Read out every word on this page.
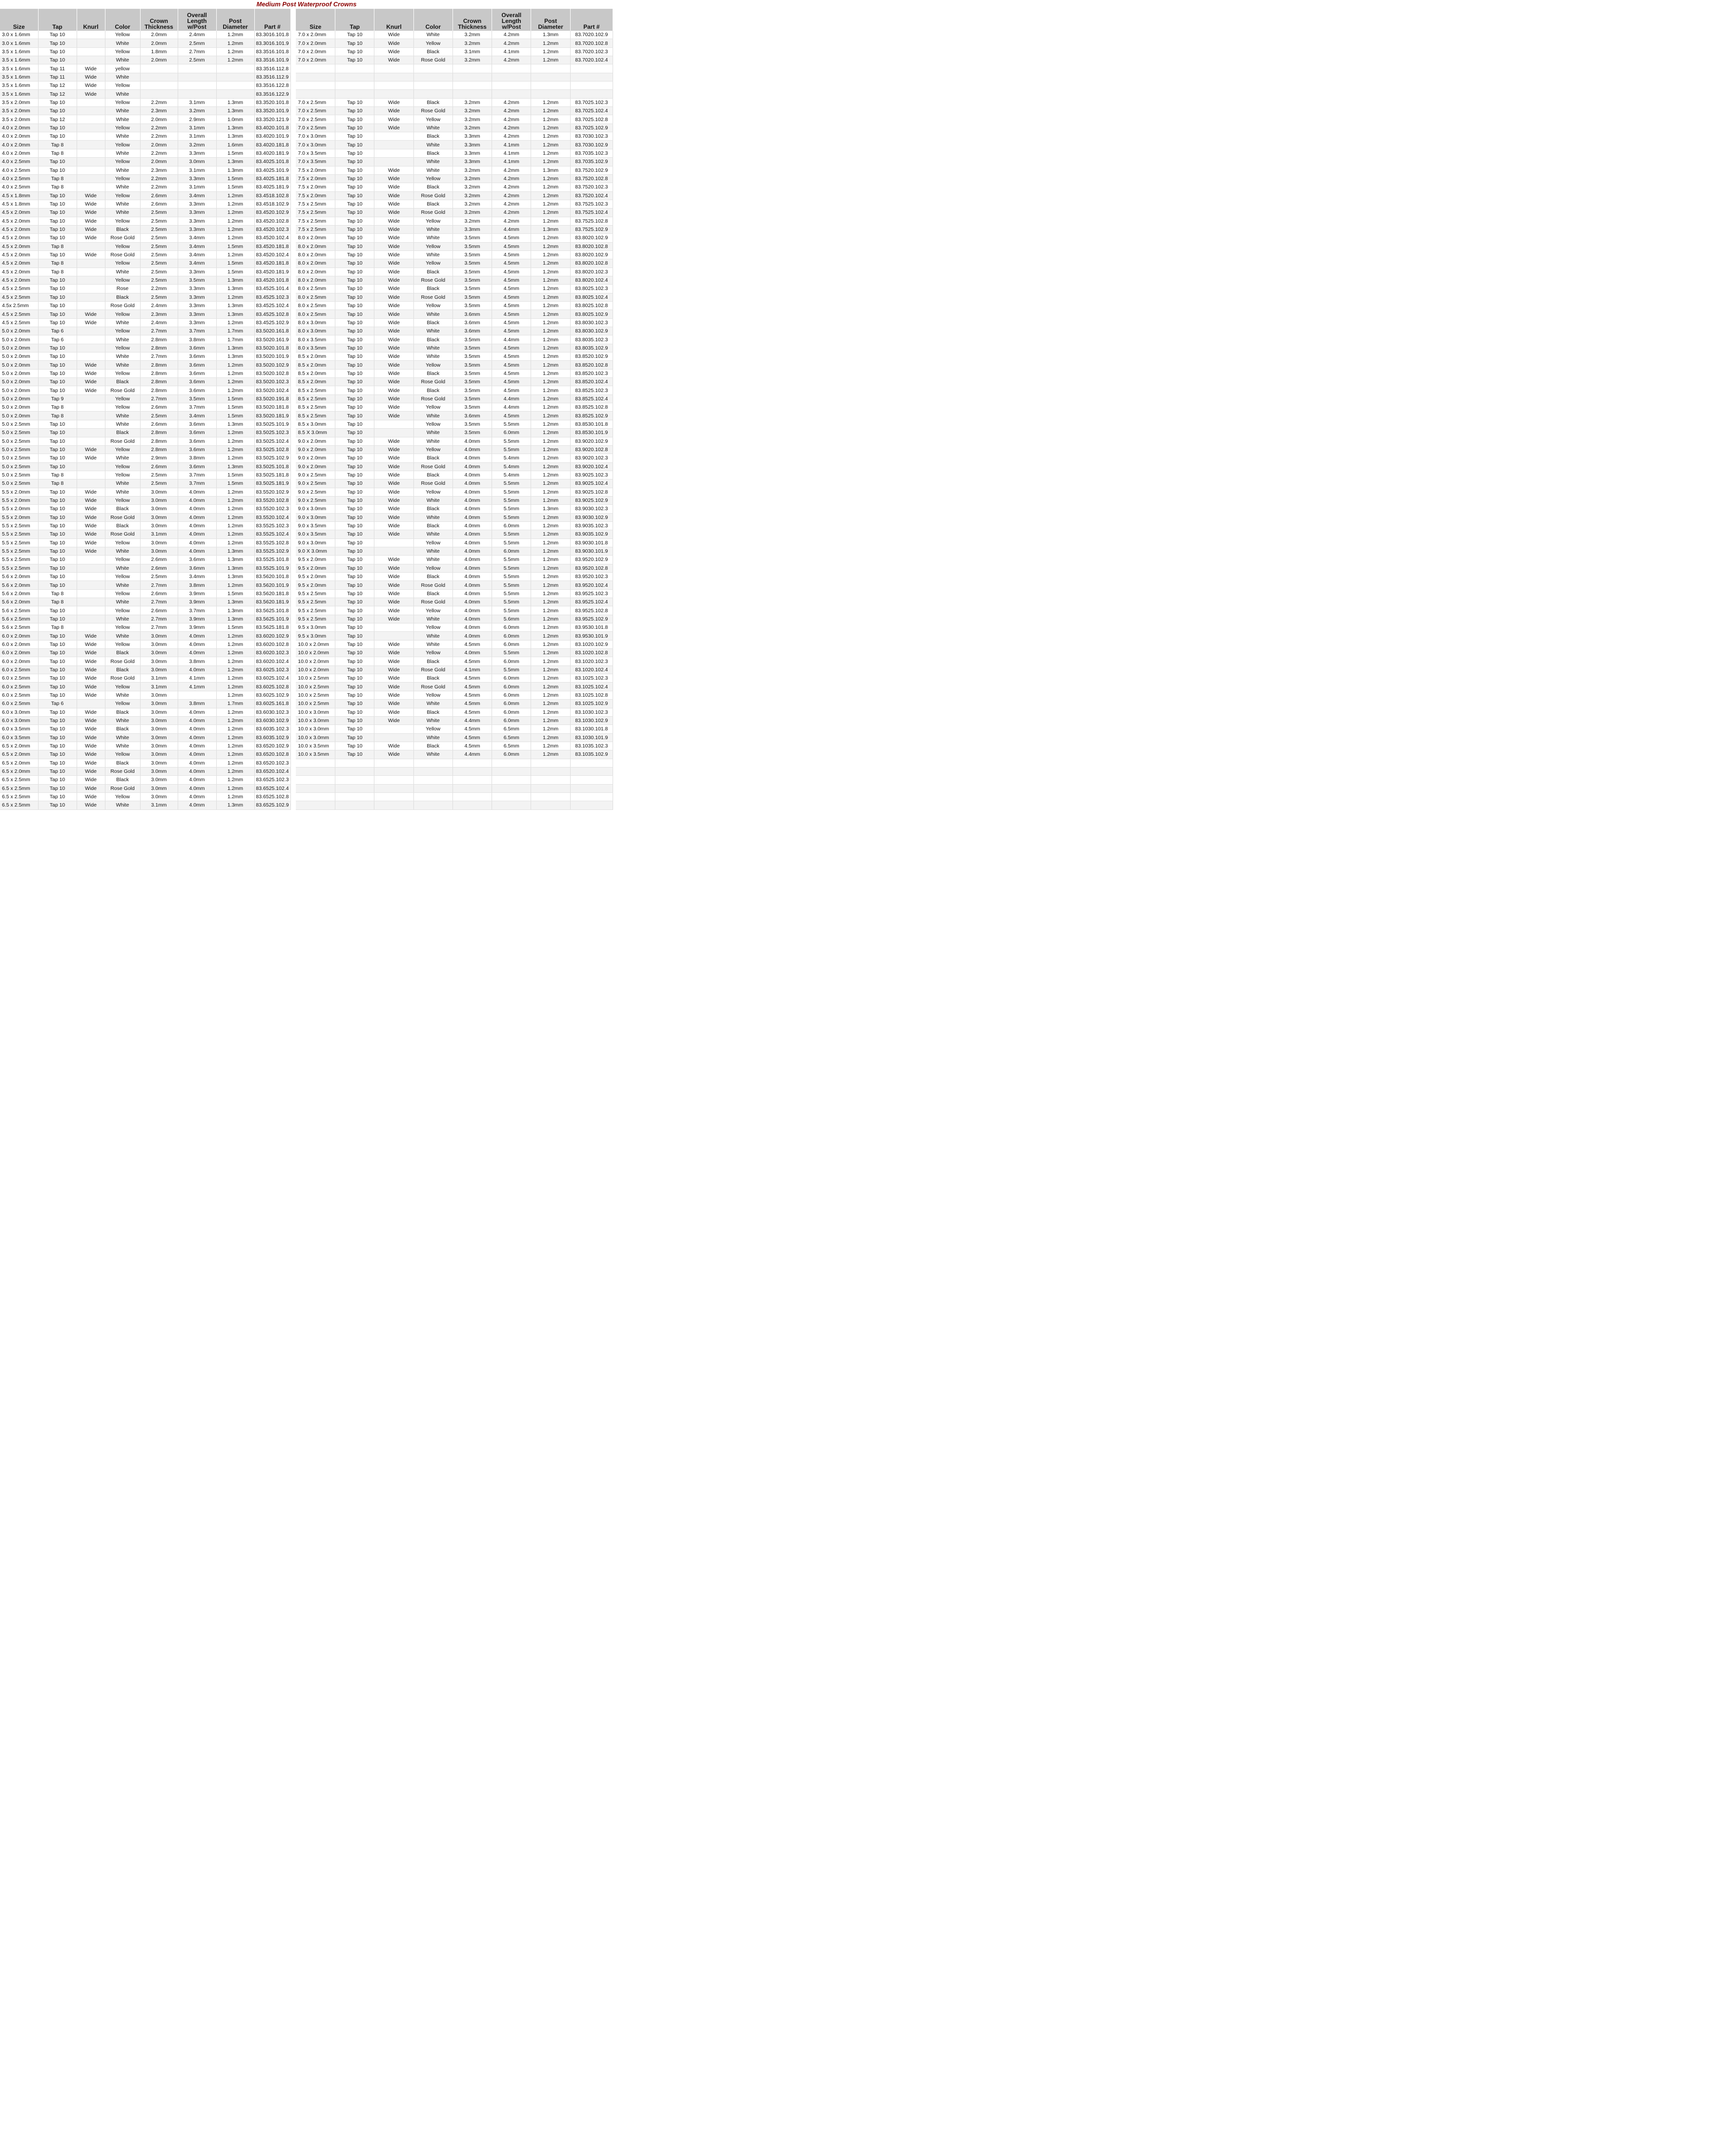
Medium Post Waterproof Crowns
Size	Tap	Knurl	Color	Crown Thickness	Overall Length w/Post	Post Diameter	Part #
3.0 x 1.6mm	Tap 10		Yellow	2.0mm	2.4mm	1.2mm	83.3016.101.8
3.0 x 1.6mm	Tap 10		White	2.0mm	2.5mm	1.2mm	83.3016.101.9
3.5 x 1.6mm	Tap 10		Yellow	1.8mm	2.7mm	1.2mm	83.3516.101.8
3.5 x 1.6mm	Tap 10		White	2.0mm	2.5mm	1.2mm	83.3516.101.9
3.5 x 1.6mm	Tap 11	Wide	yellow				83.3516.112.8
3.5 x 1.6mm	Tap 11	Wide	White				83.3516.112.9
3.5 x 1.6mm	Tap 12	Wide	Yellow				83.3516.122.8
3.5 x 1.6mm	Tap 12	Wide	White				83.3516.122.9
3.5 x 2.0mm	Tap 10		Yellow	2.2mm	3.1mm	1.3mm	83.3520.101.8
3.5 x 2.0mm	Tap 10		White	2.3mm	3.2mm	1.3mm	83.3520.101.9
3.5 x 2.0mm	Tap 12		White	2.0mm	2.9mm	1.0mm	83.3520.121.9
4.0 x 2.0mm	Tap 10		Yellow	2.2mm	3.1mm	1.3mm	83.4020.101.8
4.0 x 2.0mm	Tap 10		White	2.2mm	3.1mm	1.3mm	83.4020.101.9
4.0 x 2.0mm	Tap 8		Yellow	2.0mm	3.2mm	1.6mm	83.4020.181.8
4.0 x 2.0mm	Tap 8		White	2.2mm	3.3mm	1.5mm	83.4020.181.9
4.0 x 2.5mm	Tap 10		Yellow	2.0mm	3.0mm	1.3mm	83.4025.101.8
4.0 x 2.5mm	Tap 10		White	2.3mm	3.1mm	1.3mm	83.4025.101.9
4.0 x 2.5mm	Tap 8		Yellow	2.2mm	3.3mm	1.5mm	83.4025.181.8
4.0 x 2.5mm	Tap 8		White	2.2mm	3.1mm	1.5mm	83.4025.181.9
4.5 x 1.8mm	Tap 10	Wide	Yellow	2.6mm	3.4mm	1.2mm	83.4518.102.8
4.5 x 1.8mm	Tap 10	Wide	White	2.6mm	3.3mm	1.2mm	83.4518.102.9
4.5 x 2.0mm	Tap 10	Wide	White	2.5mm	3.3mm	1.2mm	83.4520.102.9
4.5 x 2.0mm	Tap 10	Wide	Yellow	2.5mm	3.3mm	1.2mm	83.4520.102.8
4.5 x 2.0mm	Tap 10	Wide	Black	2.5mm	3.3mm	1.2mm	83.4520.102.3
4.5 x 2.0mm	Tap 10	Wide	Rose Gold	2.5mm	3.4mm	1.2mm	83.4520.102.4
4.5 x 2.0mm	Tap 8		Yellow	2.5mm	3.4mm	1.5mm	83.4520.181.8
4.5 x 2.0mm	Tap 10	Wide	Rose Gold	2.5mm	3.4mm	1.2mm	83.4520.102.4
4.5 x 2.0mm	Tap 8		Yellow	2.5mm	3.4mm	1.5mm	83.4520.181.8
4.5 x 2.0mm	Tap 8		White	2.5mm	3.3mm	1.5mm	83.4520.181.9
4.5 x 2.0mm	Tap 10		Yellow	2.5mm	3.5mm	1.3mm	83.4520.101.8
4.5 x 2.5mm	Tap 10		Rose	2.2mm	3.3mm	1.3mm	83.4525.101.4
4.5 x 2.5mm	Tap 10		Black	2.5mm	3.3mm	1.2mm	83.4525.102.3
4.5x 2.5mm	Tap 10		Rose Gold	2.4mm	3.3mm	1.3mm	83.4525.102.4
4.5 x 2.5mm	Tap 10	Wide	Yellow	2.3mm	3.3mm	1.3mm	83.4525.102.8
4.5 x 2.5mm	Tap 10	Wide	White	2.4mm	3.3mm	1.2mm	83.4525.102.9
5.0 x 2.0mm	Tap 6		Yellow	2.7mm	3.7mm	1.7mm	83.5020.161.8
5.0 x 2.0mm	Tap 6		White	2.8mm	3.8mm	1.7mm	83.5020.161.9
5.0 x 2.0mm	Tap 10		Yellow	2.8mm	3.6mm	1.3mm	83.5020.101.8
5.0 x 2.0mm	Tap 10		White	2.7mm	3.6mm	1.3mm	83.5020.101.9
5.0 x 2.0mm	Tap 10	Wide	White	2.8mm	3.6mm	1.2mm	83.5020.102.9
5.0 x 2.0mm	Tap 10	Wide	Yellow	2.8mm	3.6mm	1.2mm	83.5020.102.8
5.0 x 2.0mm	Tap 10	Wide	Black	2.8mm	3.6mm	1.2mm	83.5020.102.3
5.0 x 2.0mm	Tap 10	Wide	Rose Gold	2.8mm	3.6mm	1.2mm	83.5020.102.4
5.0 x 2.0mm	Tap 9		Yellow	2.7mm	3.5mm	1.5mm	83.5020.191.8
5.0 x 2.0mm	Tap 8		Yellow	2.6mm	3.7mm	1.5mm	83.5020.181.8
5.0 x 2.0mm	Tap 8		White	2.5mm	3.4mm	1.5mm	83.5020.181.9
5.0 x 2.5mm	Tap 10		White	2.6mm	3.6mm	1.3mm	83.5025.101.9
5.0 x 2.5mm	Tap 10		Black	2.8mm	3.6mm	1.2mm	83.5025.102.3
5.0 x 2.5mm	Tap 10		Rose Gold	2.8mm	3.6mm	1.2mm	83.5025.102.4
5.0 x 2.5mm	Tap 10	Wide	Yellow	2.8mm	3.6mm	1.2mm	83.5025.102.8
5.0 x 2.5mm	Tap 10	Wide	White	2.9mm	3.8mm	1.2mm	83.5025.102.9
5.0 x 2.5mm	Tap 10		Yellow	2.6mm	3.6mm	1.3mm	83.5025.101.8
5.0 x 2.5mm	Tap 8		Yellow	2.5mm	3.7mm	1.5mm	83.5025.181.8
5.0 x 2.5mm	Tap 8		White	2.5mm	3.7mm	1.5mm	83.5025.181.9
5.5 x 2.0mm	Tap 10	Wide	White	3.0mm	4.0mm	1.2mm	83.5520.102.9
5.5 x 2.0mm	Tap 10	Wide	Yellow	3.0mm	4.0mm	1.2mm	83.5520.102.8
5.5 x 2.0mm	Tap 10	Wide	Black	3.0mm	4.0mm	1.2mm	83.5520.102.3
5.5 x 2.0mm	Tap 10	Wide	Rose Gold	3.0mm	4.0mm	1.2mm	83.5520.102.4
5.5 x 2.5mm	Tap 10	Wide	Black	3.0mm	4.0mm	1.2mm	83.5525.102.3
5.5 x 2.5mm	Tap 10	Wide	Rose Gold	3.1mm	4.0mm	1.2mm	83.5525.102.4
5.5 x 2.5mm	Tap 10	Wide	Yellow	3.0mm	4.0mm	1.2mm	83.5525.102.8
5.5 x 2.5mm	Tap 10	Wide	White	3.0mm	4.0mm	1.3mm	83.5525.102.9
5.5 x 2.5mm	Tap 10		Yellow	2.6mm	3.6mm	1.3mm	83.5525.101.8
5.5 x 2.5mm	Tap 10		White	2.6mm	3.6mm	1.3mm	83.5525.101.9
5.6 x 2.0mm	Tap 10		Yellow	2.5mm	3.4mm	1.3mm	83.5620.101.8
5.6 x 2.0mm	Tap 10		White	2.7mm	3.8mm	1.2mm	83.5620.101.9
5.6 x 2.0mm	Tap 8		Yellow	2.6mm	3.9mm	1.5mm	83.5620.181.8
5.6 x 2.0mm	Tap 8		White	2.7mm	3.9mm	1.3mm	83.5620.181.9
5.6 x 2.5mm	Tap 10		Yellow	2.6mm	3.7mm	1.3mm	83.5625.101.8
5.6 x 2.5mm	Tap 10		White	2.7mm	3.9mm	1.3mm	83.5625.101.9
5.6 x 2.5mm	Tap 8		Yellow	2.7mm	3.9mm	1.5mm	83.5625.181.8
6.0 x 2.0mm	Tap 10	Wide	White	3.0mm	4.0mm	1.2mm	83.6020.102.9
6.0 x 2.0mm	Tap 10	Wide	Yellow	3.0mm	4.0mm	1.2mm	83.6020.102.8
6.0 x 2.0mm	Tap 10	Wide	Black	3.0mm	4.0mm	1.2mm	83.6020.102.3
6.0 x 2.0mm	Tap 10	Wide	Rose Gold	3.0mm	3.8mm	1.2mm	83.6020.102.4
6.0 x 2.5mm	Tap 10	Wide	Black	3.0mm	4.0mm	1.2mm	83.6025.102.3
6.0 x 2.5mm	Tap 10	Wide	Rose Gold	3.1mm	4.1mm	1.2mm	83.6025.102.4
6.0 x 2.5mm	Tap 10	Wide	Yellow	3.1mm	4.1mm	1.2mm	83.6025.102.8
6.0 x 2.5mm	Tap 10	Wide	White	3.0mm		1.2mm	83.6025.102.9
6.0 x 2.5mm	Tap 6		Yellow	3.0mm	3.8mm	1.7mm	83.6025.161.8
6.0 x 3.0mm	Tap 10	Wide	Black	3.0mm	4.0mm	1.2mm	83.6030.102.3
6.0 x 3.0mm	Tap 10	Wide	White	3.0mm	4.0mm	1.2mm	83.6030.102.9
6.0 x 3.5mm	Tap 10	Wide	Black	3.0mm	4.0mm	1.2mm	83.6035.102.3
6.0 x 3.5mm	Tap 10	Wide	White	3.0mm	4.0mm	1.2mm	83.6035.102.9
6.5 x 2.0mm	Tap 10	Wide	White	3.0mm	4.0mm	1.2mm	83.6520.102.9
6.5 x 2.0mm	Tap 10	Wide	Yellow	3.0mm	4.0mm	1.2mm	83.6520.102.8
6.5 x 2.0mm	Tap 10	Wide	Black	3.0mm	4.0mm	1.2mm	83.6520.102.3
6.5 x 2.0mm	Tap 10	Wide	Rose Gold	3.0mm	4.0mm	1.2mm	83.6520.102.4
6.5 x 2.5mm	Tap 10	Wide	Black	3.0mm	4.0mm	1.2mm	83.6525.102.3
6.5 x 2.5mm	Tap 10	Wide	Rose Gold	3.0mm	4.0mm	1.2mm	83.6525.102.4
6.5 x 2.5mm	Tap 10	Wide	Yellow	3.0mm	4.0mm	1.2mm	83.6525.102.8
6.5 x 2.5mm	Tap 10	Wide	White	3.1mm	4.0mm	1.3mm	83.6525.102.9
Size	Tap	Knurl	Color	Crown Thickness	Overall Length w/Post	Post Diameter	Part #
7.0 x 2.0mm	Tap 10	Wide	White	3.2mm	4.2mm	1.3mm	83.7020.102.9
7.0 x 2.0mm	Tap 10	Wide	Yellow	3.2mm	4.2mm	1.2mm	83.7020.102.8
7.0 x 2.0mm	Tap 10	Wide	Black	3.1mm	4.1mm	1.2mm	83.7020.102.3
7.0 x 2.0mm	Tap 10	Wide	Rose Gold	3.2mm	4.2mm	1.2mm	83.7020.102.4

7.0 x 2.5mm	Tap 10	Wide	Black	3.2mm	4.2mm	1.2mm	83.7025.102.3
7.0 x 2.5mm	Tap 10	Wide	Rose Gold	3.2mm	4.2mm	1.2mm	83.7025.102.4
7.0 x 2.5mm	Tap 10	Wide	Yellow	3.2mm	4.2mm	1.2mm	83.7025.102.8
7.0 x 2.5mm	Tap 10	Wide	White	3.2mm	4.2mm	1.2mm	83.7025.102.9
7.0 x 3.0mm	Tap 10		Black	3.3mm	4.2mm	1.2mm	83.7030.102.3
7.0 x 3.0mm	Tap 10		White	3.3mm	4.1mm	1.2mm	83.7030.102.9
7.0 x 3.5mm	Tap 10		Black	3.3mm	4.1mm	1.2mm	83.7035.102.3
7.0 x 3.5mm	Tap 10		White	3.3mm	4.1mm	1.2mm	83.7035.102.9
7.5 x 2.0mm	Tap 10	Wide	White	3.2mm	4.2mm	1.3mm	83.7520.102.9
7.5 x 2.0mm	Tap 10	Wide	Yellow	3.2mm	4.2mm	1.2mm	83.7520.102.8
7.5 x 2.0mm	Tap 10	Wide	Black	3.2mm	4.2mm	1.2mm	83.7520.102.3
7.5 x 2.0mm	Tap 10	Wide	Rose Gold	3.2mm	4.2mm	1.2mm	83.7520.102.4
7.5 x 2.5mm	Tap 10	Wide	Black	3.2mm	4.2mm	1.2mm	83.7525.102.3
7.5 x 2.5mm	Tap 10	Wide	Rose Gold	3.2mm	4.2mm	1.2mm	83.7525.102.4
7.5 x 2.5mm	Tap 10	Wide	Yellow	3.2mm	4.2mm	1.2mm	83.7525.102.8
7.5 x 2.5mm	Tap 10	Wide	White	3.3mm	4.4mm	1.3mm	83.7525.102.9
8.0 x 2.0mm	Tap 10	Wide	White	3.5mm	4.5mm	1.2mm	83.8020.102.9
8.0 x 2.0mm	Tap 10	Wide	Yellow	3.5mm	4.5mm	1.2mm	83.8020.102.8
8.0 x 2.0mm	Tap 10	Wide	White	3.5mm	4.5mm	1.2mm	83.8020.102.9
8.0 x 2.0mm	Tap 10	Wide	Yellow	3.5mm	4.5mm	1.2mm	83.8020.102.8
8.0 x 2.0mm	Tap 10	Wide	Black	3.5mm	4.5mm	1.2mm	83.8020.102.3
8.0 x 2.0mm	Tap 10	Wide	Rose Gold	3.5mm	4.5mm	1.2mm	83.8020.102.4
8.0 x 2.5mm	Tap 10	Wide	Black	3.5mm	4.5mm	1.2mm	83.8025.102.3
8.0 x 2.5mm	Tap 10	Wide	Rose Gold	3.5mm	4.5mm	1.2mm	83.8025.102.4
8.0 x 2.5mm	Tap 10	Wide	Yellow	3.5mm	4.5mm	1.2mm	83.8025.102.8
8.0 x 2.5mm	Tap 10	Wide	White	3.6mm	4.5mm	1.2mm	83.8025.102.9
8.0 x 3.0mm	Tap 10	Wide	Black	3.6mm	4.5mm	1.2mm	83.8030.102.3
8.0 x 3.0mm	Tap 10	Wide	White	3.6mm	4.5mm	1.2mm	83.8030.102.9
8.0 x 3.5mm	Tap 10	Wide	Black	3.5mm	4.4mm	1.2mm	83.8035.102.3
8.0 x 3.5mm	Tap 10	Wide	White	3.5mm	4.5mm	1.2mm	83.8035.102.9
8.5 x 2.0mm	Tap 10	Wide	White	3.5mm	4.5mm	1.2mm	83.8520.102.9
8.5 x 2.0mm	Tap 10	Wide	Yellow	3.5mm	4.5mm	1.2mm	83.8520.102.8
8.5 x 2.0mm	Tap 10	Wide	Black	3.5mm	4.5mm	1.2mm	83.8520.102.3
8.5 x 2.0mm	Tap 10	Wide	Rose Gold	3.5mm	4.5mm	1.2mm	83.8520.102.4
8.5 x 2.5mm	Tap 10	Wide	Black	3.5mm	4.5mm	1.2mm	83.8525.102.3
8.5 x 2.5mm	Tap 10	Wide	Rose Gold	3.5mm	4.4mm	1.2mm	83.8525.102.4
8.5 x 2.5mm	Tap 10	Wide	Yellow	3.5mm	4.4mm	1.2mm	83.8525.102.8
8.5 x 2.5mm	Tap 10	Wide	White	3.6mm	4.5mm	1.2mm	83.8525.102.9
8.5 x 3.0mm	Tap 10		Yellow	3.5mm	5.5mm	1.2mm	83.8530.101.8
8.5 X 3.0mm	Tap 10		White	3.5mm	6.0mm	1.2mm	83.8530.101.9
9.0 x 2.0mm	Tap 10	Wide	White	4.0mm	5.5mm	1.2mm	83.9020.102.9
9.0 x 2.0mm	Tap 10	Wide	Yellow	4.0mm	5.5mm	1.2mm	83.9020.102.8
9.0 x 2.0mm	Tap 10	Wide	Black	4.0mm	5.4mm	1.2mm	83.9020.102.3
9.0 x 2.0mm	Tap 10	Wide	Rose Gold	4.0mm	5.4mm	1.2mm	83.9020.102.4
9.0 x 2.5mm	Tap 10	Wide	Black	4.0mm	5.4mm	1.2mm	83.9025.102.3
9.0 x 2.5mm	Tap 10	Wide	Rose Gold	4.0mm	5.5mm	1.2mm	83.9025.102.4
9.0 x 2.5mm	Tap 10	Wide	Yellow	4.0mm	5.5mm	1.2mm	83.9025.102.8
9.0 x 2.5mm	Tap 10	Wide	White	4.0mm	5.5mm	1.2mm	83.9025.102.9
9.0 x 3.0mm	Tap 10	Wide	Black	4.0mm	5.5mm	1.3mm	83.9030.102.3
9.0 x 3.0mm	Tap 10	Wide	White	4.0mm	5.5mm	1.2mm	83.9030.102.9
9.0 x 3.5mm	Tap 10	Wide	Black	4.0mm	6.0mm	1.2mm	83.9035.102.3
9.0 x 3.5mm	Tap 10	Wide	White	4.0mm	5.5mm	1.2mm	83.9035.102.9
9.0 x 3.0mm	Tap 10		Yellow	4.0mm	5.5mm	1.2mm	83.9030.101.8
9.0 X 3.0mm	Tap 10		White	4.0mm	6.0mm	1.2mm	83.9030.101.9
9.5 x 2.0mm	Tap 10	Wide	White	4.0mm	5.5mm	1.2mm	83.9520.102.9
9.5 x 2.0mm	Tap 10	Wide	Yellow	4.0mm	5.5mm	1.2mm	83.9520.102.8
9.5 x 2.0mm	Tap 10	Wide	Black	4.0mm	5.5mm	1.2mm	83.9520.102.3
9.5 x 2.0mm	Tap 10	Wide	Rose Gold	4.0mm	5.5mm	1.2mm	83.9520.102.4
9.5 x 2.5mm	Tap 10	Wide	Black	4.0mm	5.5mm	1.2mm	83.9525.102.3
9.5 x 2.5mm	Tap 10	Wide	Rose Gold	4.0mm	5.5mm	1.2mm	83.9525.102.4
9.5 x 2.5mm	Tap 10	Wide	Yellow	4.0mm	5.5mm	1.2mm	83.9525.102.8
9.5 x 2.5mm	Tap 10	Wide	White	4.0mm	5.6mm	1.2mm	83.9525.102.9
9.5 x 3.0mm	Tap 10		Yellow	4.0mm	6.0mm	1.2mm	83.9530.101.8
9.5 x 3.0mm	Tap 10		White	4.0mm	6.0mm	1.2mm	83.9530.101.9
10.0 x 2.0mm	Tap 10	Wide	White	4.5mm	6.0mm	1.2mm	83.1020.102.9
10.0 x 2.0mm	Tap 10	Wide	Yellow	4.0mm	5.5mm	1.2mm	83.1020.102.8
10.0 x 2.0mm	Tap 10	Wide	Black	4.5mm	6.0mm	1.2mm	83.1020.102.3
10.0 x 2.0mm	Tap 10	Wide	Rose Gold	4.1mm	5.5mm	1.2mm	83.1020.102.4
10.0 x 2.5mm	Tap 10	Wide	Black	4.5mm	6.0mm	1.2mm	83.1025.102.3
10.0 x 2.5mm	Tap 10	Wide	Rose Gold	4.5mm	6.0mm	1.2mm	83.1025.102.4
10.0 x 2.5mm	Tap 10	Wide	Yellow	4.5mm	6.0mm	1.2mm	83.1025.102.8
10.0 x 2.5mm	Tap 10	Wide	White	4.5mm	6.0mm	1.2mm	83.1025.102.9
10.0 x 3.0mm	Tap 10	Wide	Black	4.5mm	6.0mm	1.2mm	83.1030.102.3
10.0 x 3.0mm	Tap 10	Wide	White	4.4mm	6.0mm	1.2mm	83.1030.102.9
10.0 x 3.0mm	Tap 10		Yellow	4.5mm	6.5mm	1.2mm	83.1030.101.8
10.0 x 3.0mm	Tap 10		White	4.5mm	6.5mm	1.2mm	83.1030.101.9
10.0 x 3.5mm	Tap 10	Wide	Black	4.5mm	6.5mm	1.2mm	83.1035.102.3
10.0 x 3.5mm	Tap 10	Wide	White	4.4mm	6.0mm	1.2mm	83.1035.102.9
